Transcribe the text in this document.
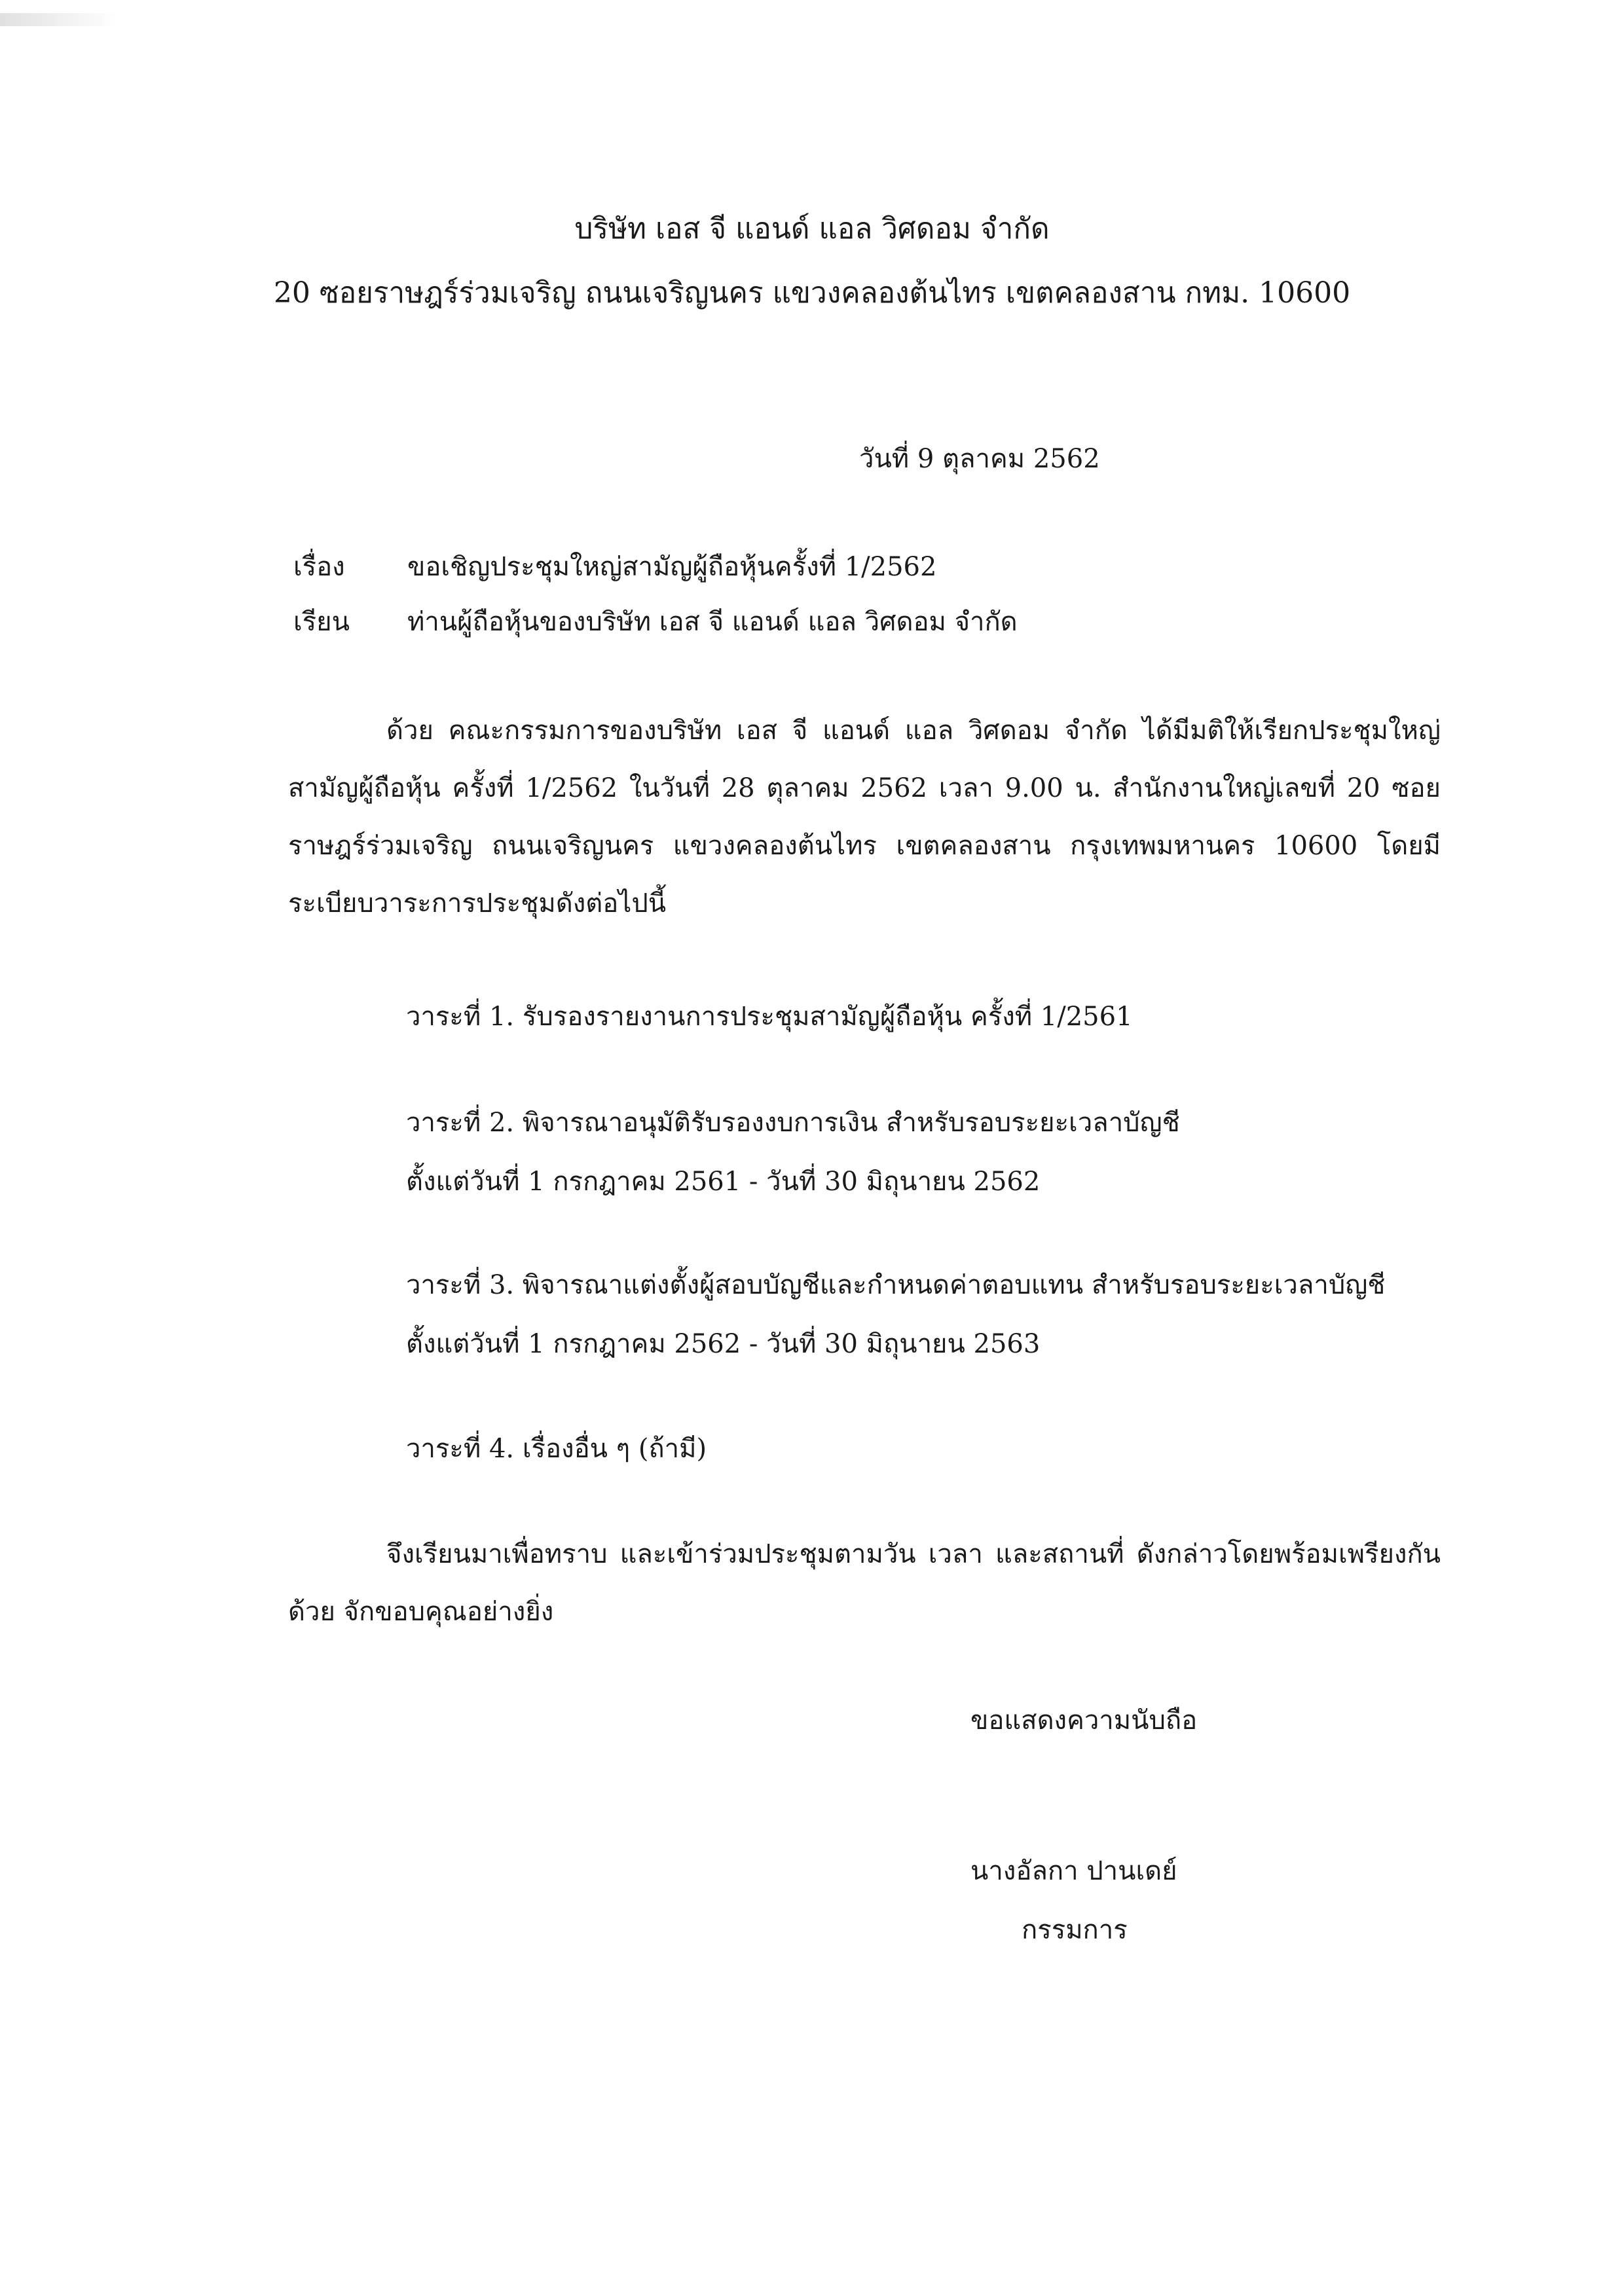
บริษัท เอส จี แอนด์ แอล วิศดอม จำกัด
20 ซอยราษฎร์ร่วมเจริญ ถนนเจริญนคร แขวงคลองต้นไทร เขตคลองสาน กทม. 10600
วันที่ 9 ตุลาคม 2562
เรื่อง ขอเชิญประชุมใหญ่สามัญผู้ถือหุ้นครั้งที่ 1/2562
เรียน ท่านผู้ถือหุ้นของบริษัท เอส จี แอนด์ แอล วิศดอม จำกัด
ด้วย คณะกรรมการของบริษัท เอส จี แอนด์ แอล วิศดอม จำกัด ได้มีมติให้เรียกประชุมใหญ่สามัญผู้ถือหุ้น ครั้งที่ 1/2562 ในวันที่ 28 ตุลาคม 2562 เวลา 9.00 น. สำนักงานใหญ่เลขที่ 20 ซอยราษฎร์ร่วมเจริญ ถนนเจริญนคร แขวงคลองต้นไทร เขตคลองสาน กรุงเทพมหานคร 10600 โดยมีระเบียบวาระการประชุมดังต่อไปนี้
วาระที่ 1. รับรองรายงานการประชุมสามัญผู้ถือหุ้น ครั้งที่ 1/2561
วาระที่ 2. พิจารณาอนุมัติรับรองงบการเงิน สำหรับรอบระยะเวลาบัญชี
ตั้งแต่วันที่ 1 กรกฎาคม 2561 - วันที่ 30 มิถุนายน 2562
วาระที่ 3. พิจารณาแต่งตั้งผู้สอบบัญชีและกำหนดค่าตอบแทน สำหรับรอบระยะเวลาบัญชี
ตั้งแต่วันที่ 1 กรกฎาคม 2562 - วันที่ 30 มิถุนายน 2563
วาระที่ 4. เรื่องอื่น ๆ (ถ้ามี)
จึงเรียนมาเพื่อทราบ และเข้าร่วมประชุมตามวัน เวลา และสถานที่ ดังกล่าวโดยพร้อมเพรียงกันด้วย จักขอบคุณอย่างยิ่ง
ขอแสดงความนับถือ
นางอัลกา ปานเดย์
กรรมการ
